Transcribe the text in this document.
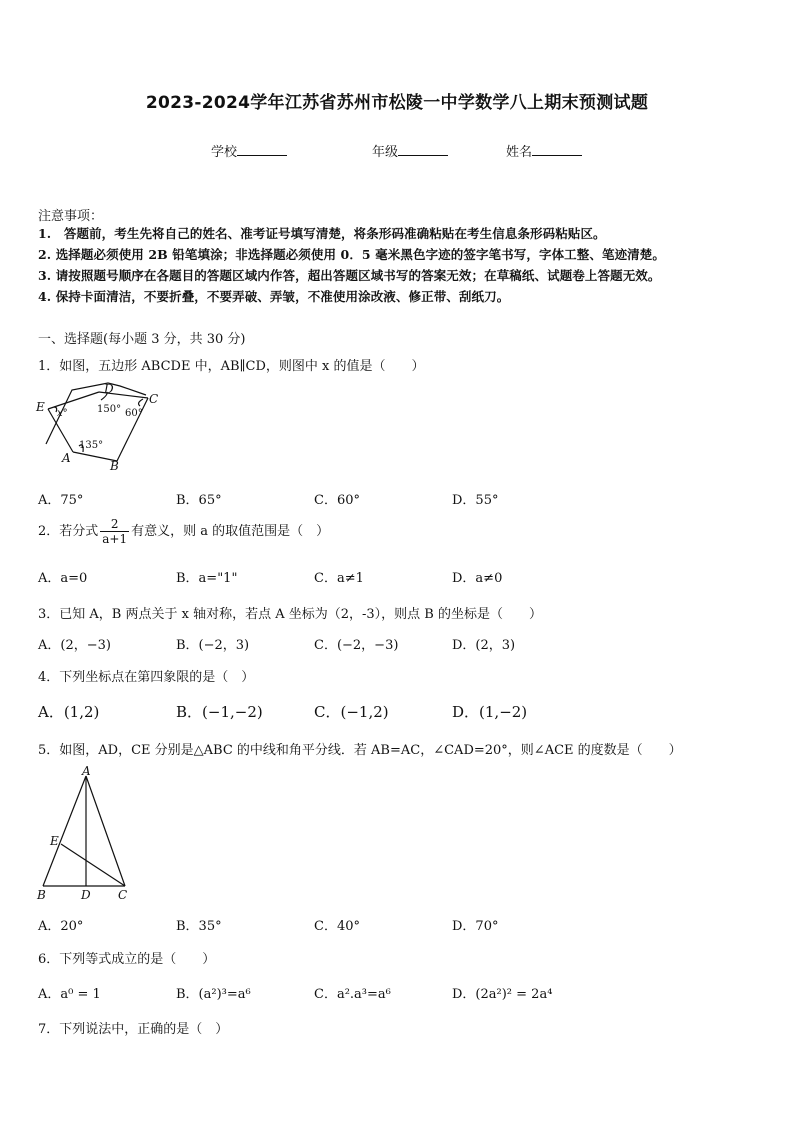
2023-2024学年江苏省苏州市松陵一中学数学八上期末预测试题
学校	年级	姓名
注意事项：
1.　答题前，考生先将自己的姓名、准考证号填写清楚，将条形码准确粘贴在考生信息条形码粘贴区。
2. 选择题必须使用 2B 铅笔填涂；非选择题必须使用 0．5 毫米黑色字迹的签字笔书写，字体工整、笔迹清楚。
3. 请按照题号顺序在各题目的答题区域内作答，超出答题区域书写的答案无效；在草稿纸、试题卷上答题无效。
4. 保持卡面清洁，不要折叠，不要弄破、弄皱，不准使用涂改液、修正带、刮纸刀。
一、选择题(每小题 3 分，共 30 分)
1．如图，五边形 ABCDE 中，AB∥CD，则图中 x 的值是（　　）
E
D
C
A
B
x°	150° 60°
135°
A．75°	B．65°	C．60°	D．55°
2．若分式 $\frac{2}{a+1}$ 有意义，则 a 的取值范围是（　）
A．a=0	B．a="1"	C．a≠1	D．a≠0
3．已知 A，B 两点关于 x 轴对称，若点 A 坐标为（2，-3），则点 B 的坐标是（　　）
A．(2，−3)	B．(−2，3)	C．(−2，−3)	D．(2，3)
4．下列坐标点在第四象限的是（　）
A．(1,2)	B．(−1,−2)	C．(−1,2)	D．(1,−2)
5．如图，AD，CE 分别是△ABC 的中线和角平分线．若 AB=AC，∠CAD=20°，则∠ACE 的度数是（　　）
A
E
B	D C
A．20°	B．35°	C．40°	D．70°
6．下列等式成立的是（　　）
A．a⁰ = 1	B．(a²)³=a⁶	C．a².a³=a⁶	D．(2a²)² = 2a⁴
7．下列说法中，正确的是（　）
